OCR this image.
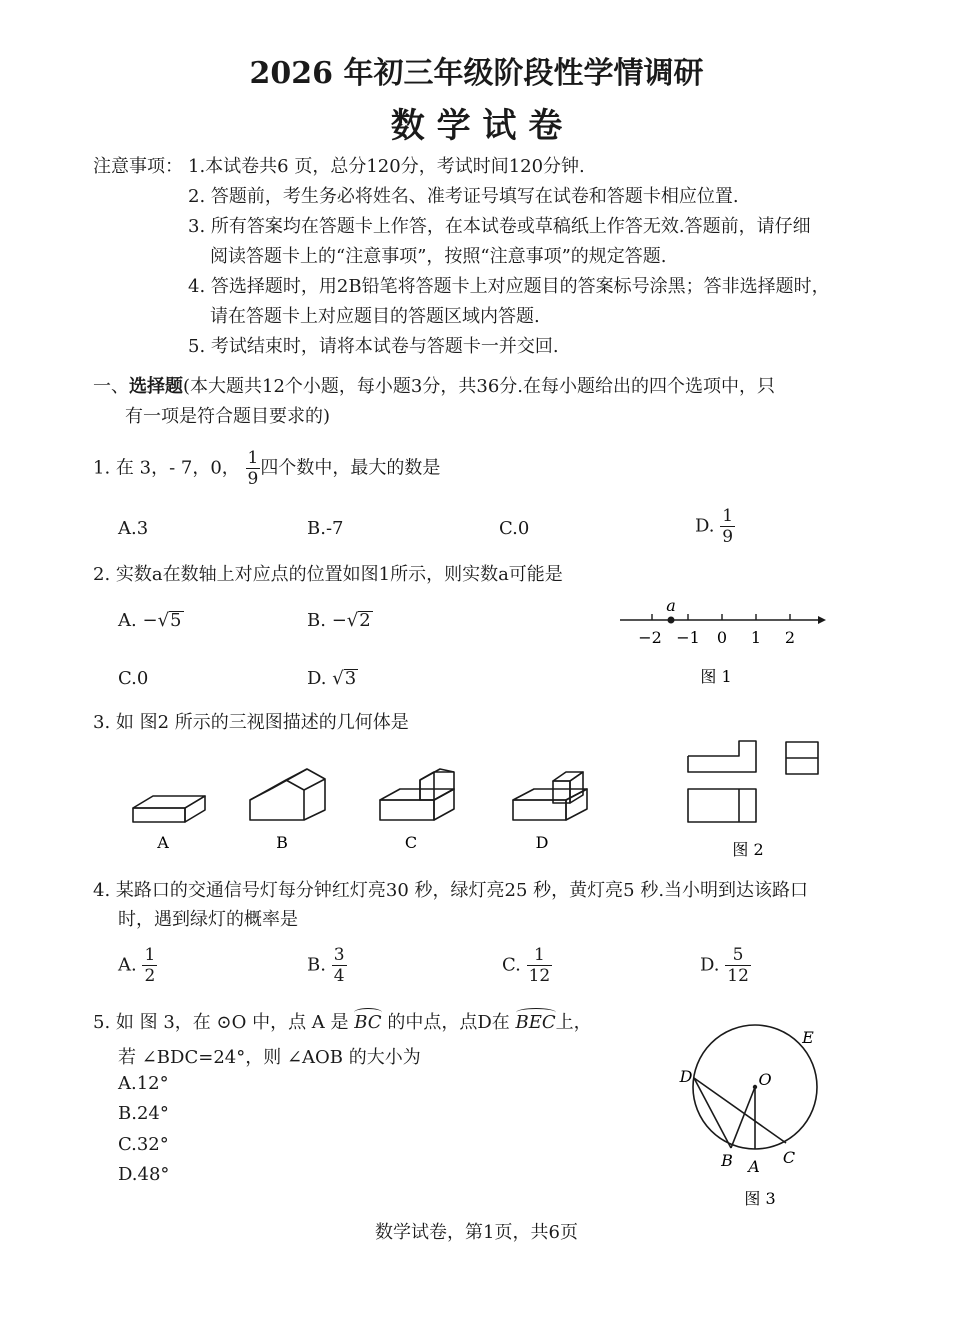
2026 年初三年级阶段性学情调研
数 学 试 卷
注意事项： 1.本试卷共6 页，总分120分，考试时间120分钟.
2. 答题前，考生务必将姓名、准考证号填写在试卷和答题卡相应位置.
3. 所有答案均在答题卡上作答，在本试卷或草稿纸上作答无效.答题前，请仔细
阅读答题卡上的“注意事项”，按照“注意事项”的规定答题.
4. 答选择题时，用2B铅笔将答题卡上对应题目的答案标号涂黑；答非选择题时，
请在答题卡上对应题目的答题区域内答题.
5. 考试结束时，请将本试卷与答题卡一并交回.
一、选择题(本大题共12个小题，每小题3分，共36分.在每小题给出的四个选项中，只
有一项是符合题目要求的)
1. 在 3，- 7，0， $\frac{1}{9}$ 四个数中，最大的数是
A.3	B.-7	C.0	D. $\frac{1}{9}$
2. 实数a在数轴上对应点的位置如图1所示，则实数a可能是
A. −√5	B. −√2
C.0	D. √3
a
−2 −1 0 1 2
图 1
3. 如 图2 所示的三视图描述的几何体是
A	B	C	D	图 2
4. 某路口的交通信号灯每分钟红灯亮30 秒，绿灯亮25 秒，黄灯亮5 秒.当小明到达该路口
时，遇到绿灯的概率是
A. $\frac{1}{2}$	B. $\frac{3}{4}$	C. $\frac{1}{12}$	D. $\frac{5}{12}$
5. 如 图 3，在 ⊙O 中，点 A 是 BC 的中点，点D在 BEC上，
若 ∠BDC=24°，则 ∠AOB 的大小为
A.12°
B.24°
C.32°
D.48°
E
D	O
B A C
图 3
数学试卷，第1页，共6页
